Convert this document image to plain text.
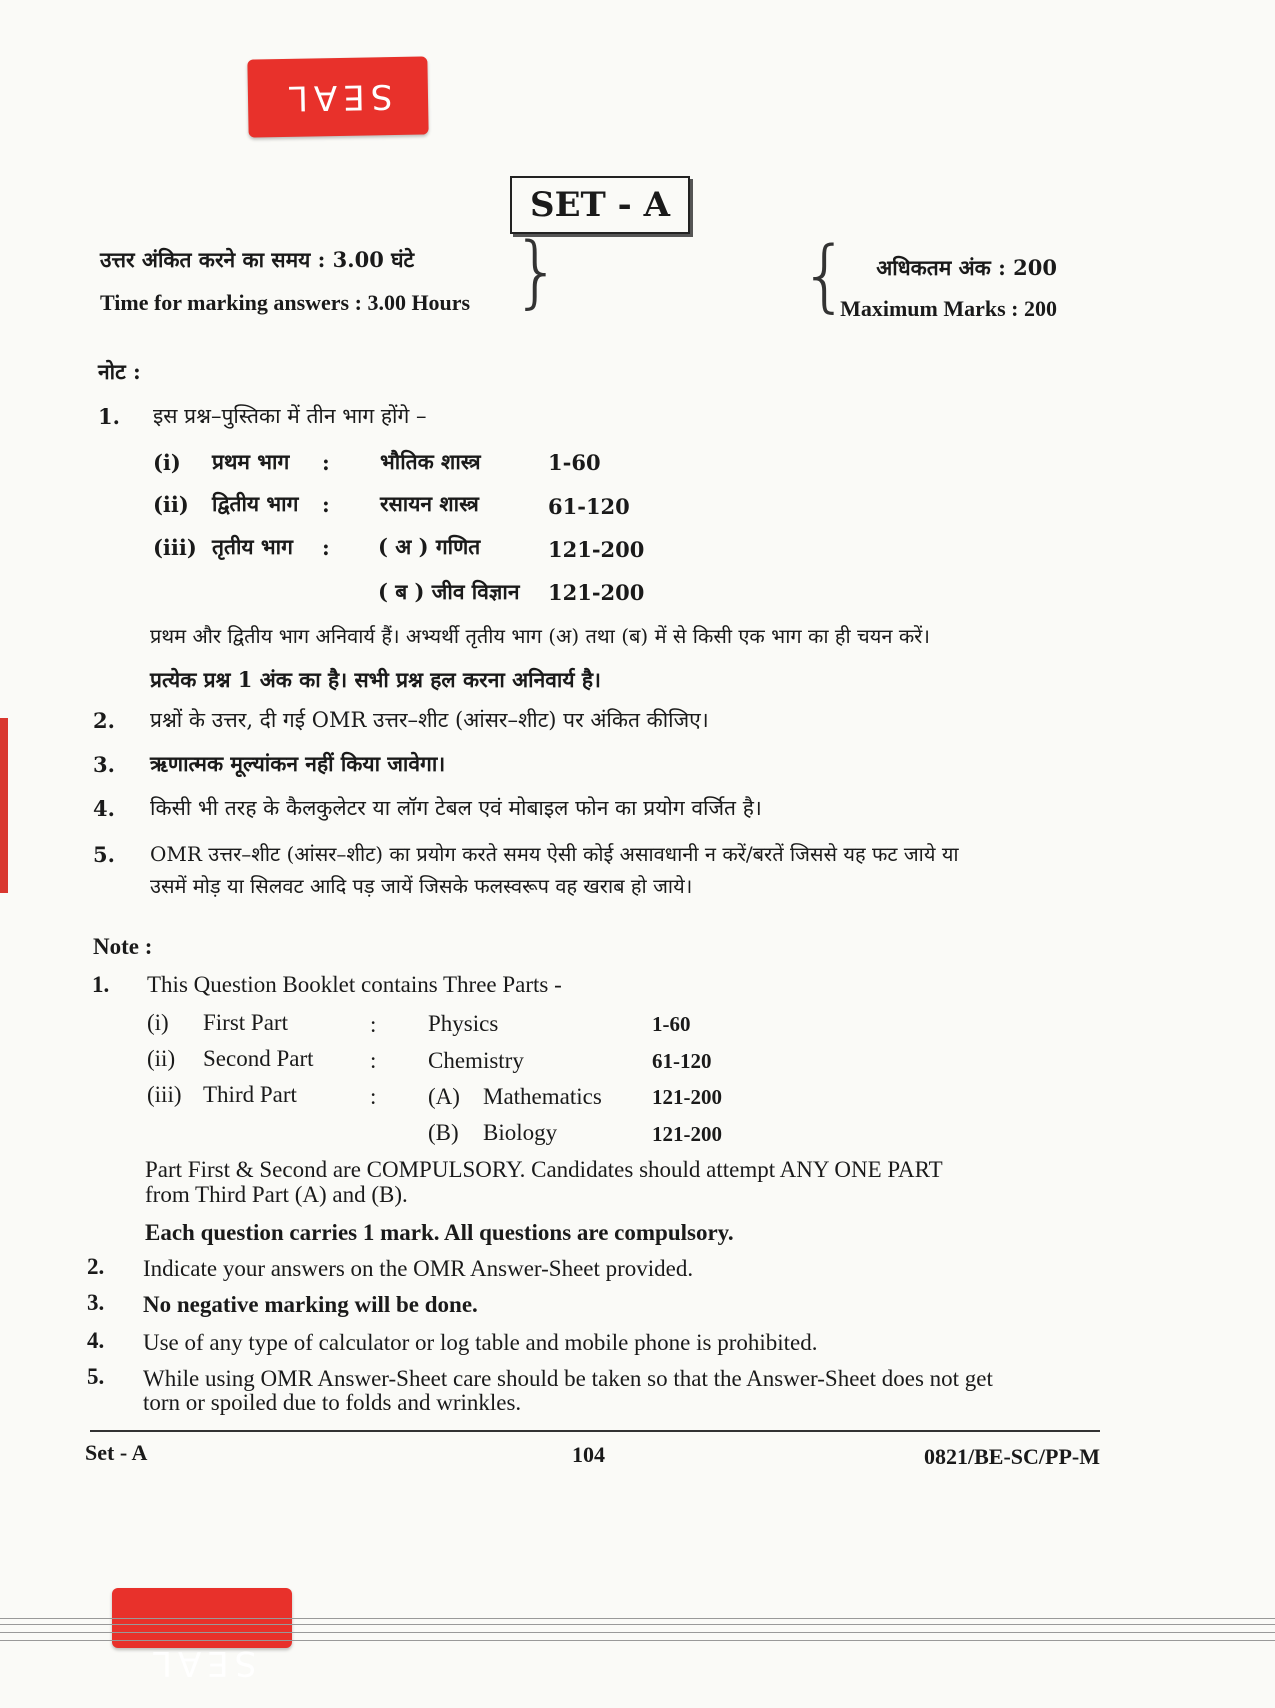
SEAL
SEAL
SET - A
उत्तर अंकित करने का समय : 3.00 घंटे
Time for marking answers : 3.00 Hours }	{ अधिकतम अंक : 200
Maximum Marks : 200
नोट :
1. इस प्रश्न–पुस्तिका में तीन भाग होंगे –
(i) प्रथम भाग : भौतिक शास्त्र	1-60
(ii) द्वितीय भाग : रसायन शास्त्र	61-120
(iii) तृतीय भाग : ( अ ) गणित	121-200
( ब ) जीव विज्ञान 121-200
प्रथम और द्वितीय भाग अनिवार्य हैं। अभ्यर्थी तृतीय भाग (अ) तथा (ब) में से किसी एक भाग का ही चयन करें।
प्रत्येक प्रश्न 1 अंक का है। सभी प्रश्न हल करना अनिवार्य है।
2. प्रश्नों के उत्तर, दी गई OMR उत्तर–शीट (आंसर–शीट) पर अंकित कीजिए।
3. ऋणात्मक मूल्यांकन नहीं किया जावेगा।
4. किसी भी तरह के कैलकुलेटर या लॉग टेबल एवं मोबाइल फोन का प्रयोग वर्जित है।
5. OMR उत्तर–शीट (आंसर–शीट) का प्रयोग करते समय ऐसी कोई असावधानी न करें/बरतें जिससे यह फट जाये या
उसमें मोड़ या सिलवट आदि पड़ जायें जिसके फलस्वरूप वह खराब हो जाये।
Note :
1. This Question Booklet contains Three Parts -
(i) First Part	: Physics	1-60
(ii) Second Part : Chemistry	61-120
(iii) Third Part	: (A) Mathematics 121-200
(B) Biology	121-200
Part First & Second are COMPULSORY. Candidates should attempt ANY ONE PART
from Third Part (A) and (B).
Each question carries 1 mark. All questions are compulsory.
2. Indicate your answers on the OMR Answer-Sheet provided.
3. No negative marking will be done.
4. Use of any type of calculator or log table and mobile phone is prohibited.
5. While using OMR Answer-Sheet care should be taken so that the Answer-Sheet does not get
torn or spoiled due to folds and wrinkles.
Set - A	104	0821/BE-SC/PP-M
